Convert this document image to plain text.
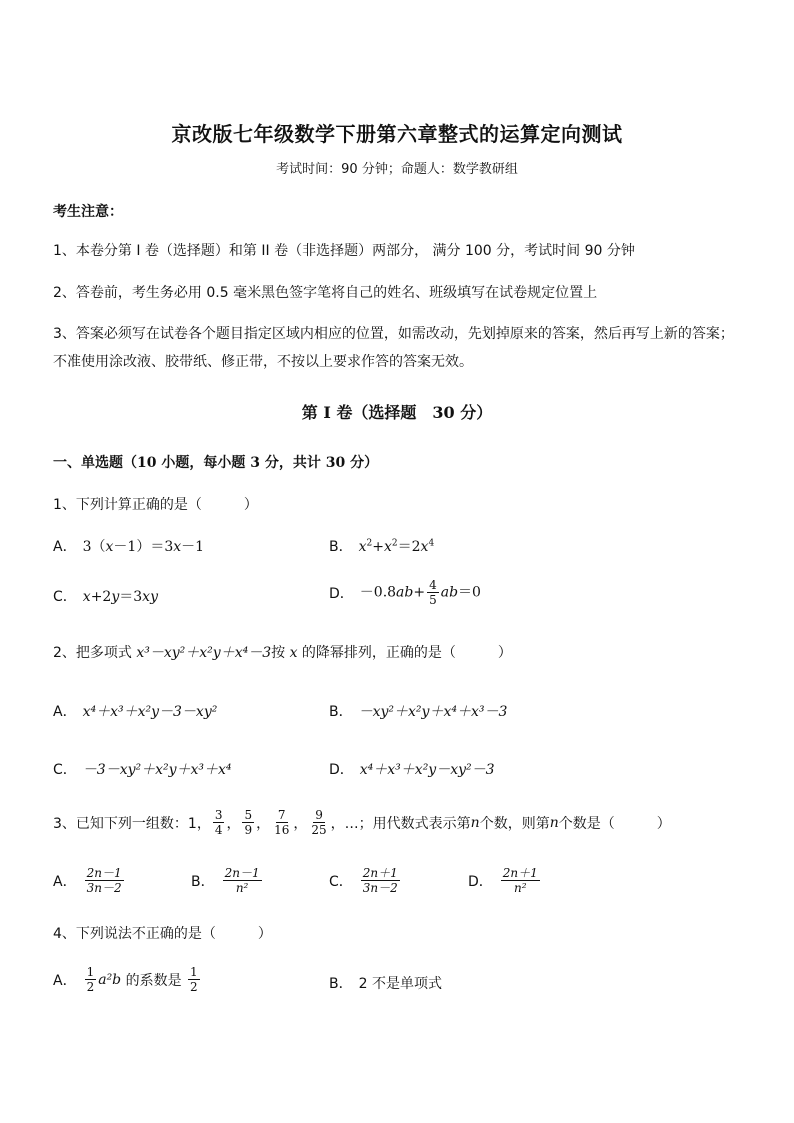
京改版七年级数学下册第六章整式的运算定向测试
考试时间：90 分钟；命题人：数学教研组
考生注意：
1、本卷分第 I 卷（选择题）和第 II 卷（非选择题）两部分， 满分 100 分，考试时间 90 分钟
2、答卷前，考生务必用 0.5 毫米黑色签字笔将自己的姓名、班级填写在试卷规定位置上
3、答案必须写在试卷各个题目指定区域内相应的位置，如需改动，先划掉原来的答案，然后再写上新的答案；不准使用涂改液、胶带纸、修正带，不按以上要求作答的答案无效。
第 I 卷（选择题　30 分）
一、单选题（10 小题，每小题 3 分，共计 30 分）
1、下列计算正确的是（　　　）
A． 3（x－1）＝3x－1	B． $x^2+x^2=2x^4$
C． x+2y＝3xy	D． $-0.8ab+ \frac{4}{5} ab=0$
2、把多项式 x³－xy²＋x²y＋x⁴－3按 x 的降幂排列，正确的是（　　　）
A． x⁴＋x³＋x²y－3－xy²	B． －xy²＋x²y＋x⁴＋x³－3
C． －3－xy²＋x²y＋x³＋x⁴	D． x⁴＋x³＋x²y－xy²－3
3、已知下列一组数：1， $\frac{3}{4}$ ， $\frac{5}{9}$ ， $\frac{7}{16}$ ， $\frac{9}{25}$ ，…；用代数式表示第 n 个数，则第 n 个数是（　　　）
A． $\frac{2n-1}{3n-2}$	B． $\frac{2n-1}{\text{n²}}$	C． $\frac{2n+1}{3n-2}$	D． $\frac{2n+1}{\text{n²}}$
4、下列说法不正确的是（　　　）
A． $\frac{1}{2} a^2b$ 的系数是 $\frac{1}{2}$	B． 2 不是单项式
